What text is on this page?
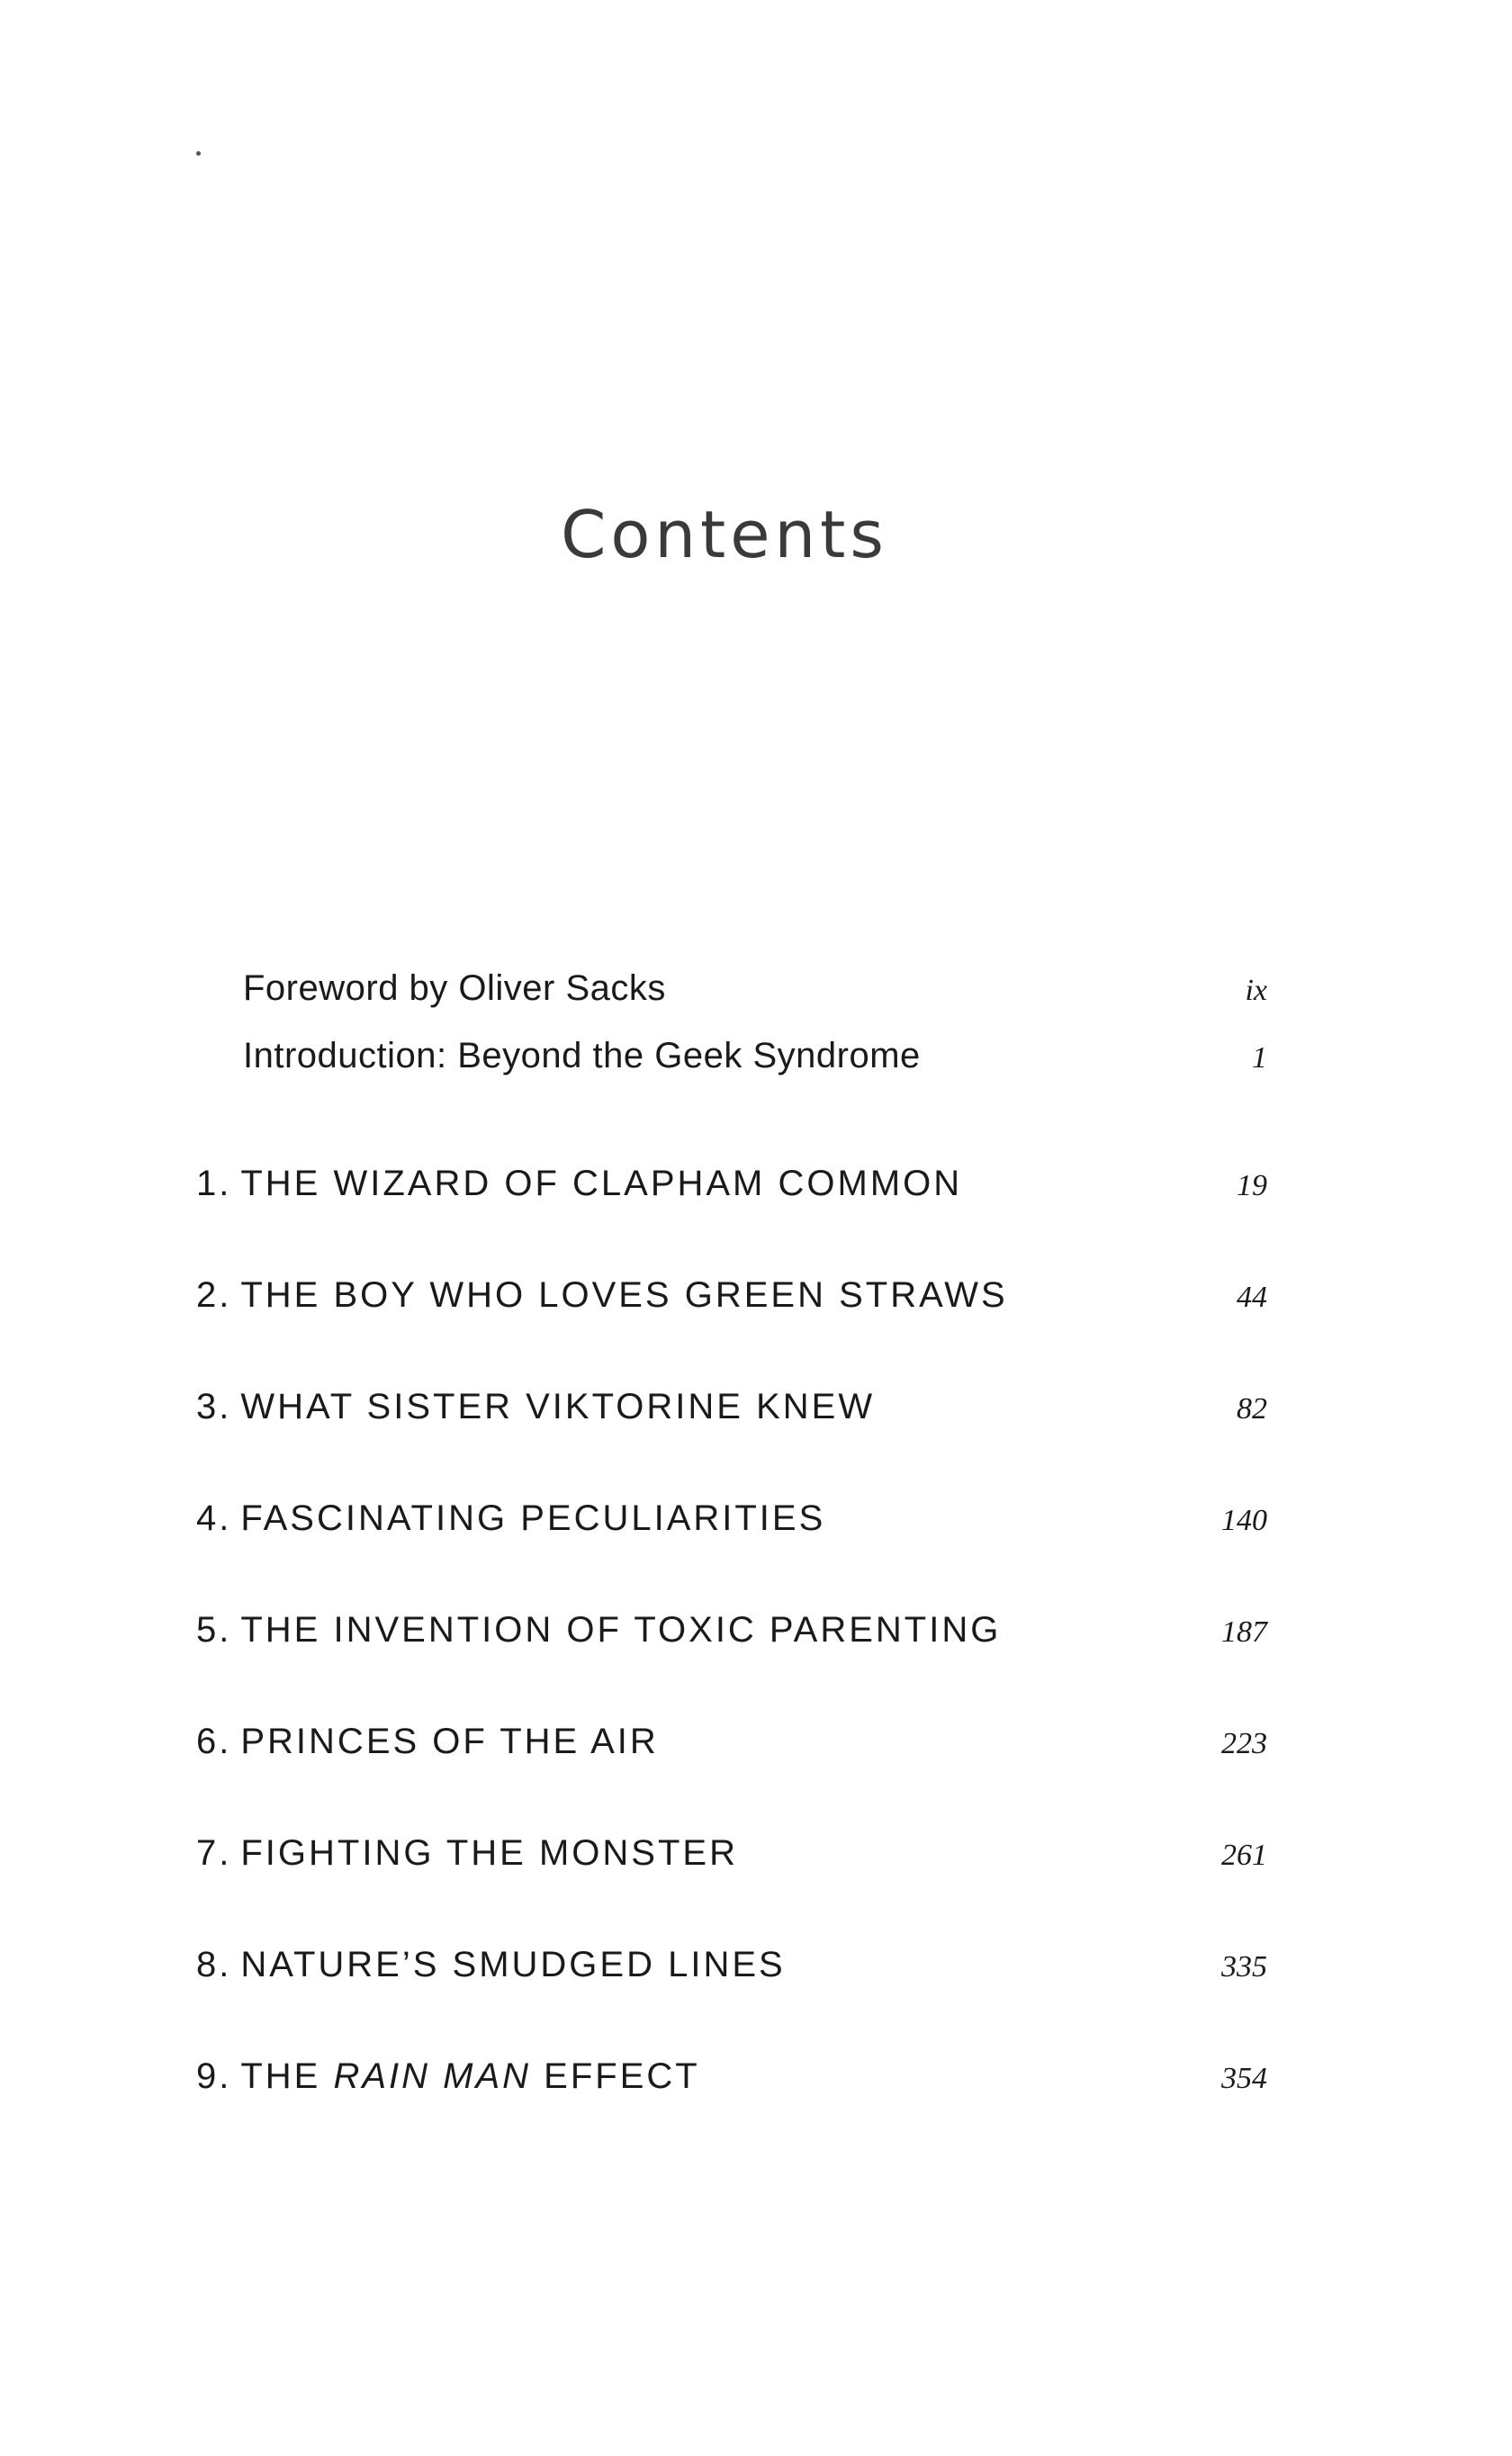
Contents
Foreword by Oliver Sacks	ix
Introduction: Beyond the Geek Syndrome	1
1. THE WIZARD OF CLAPHAM COMMON	19
2. THE BOY WHO LOVES GREEN STRAWS	44
3. WHAT SISTER VIKTORINE KNEW	82
4. FASCINATING PECULIARITIES	140
5. THE INVENTION OF TOXIC PARENTING	187
6. PRINCES OF THE AIR	223
7. FIGHTING THE MONSTER	261
8. NATURE’S SMUDGED LINES	335
9. THE RAIN MAN EFFECT	354
